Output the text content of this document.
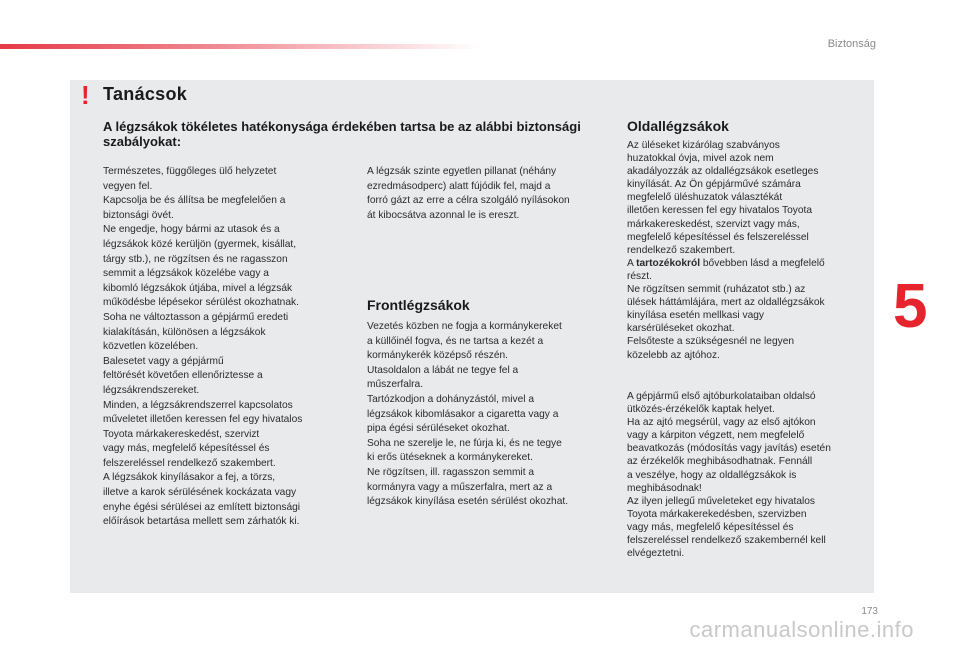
Biztonság
! Tanácsok
A légzsákok tökéletes hatékonysága érdekében tartsa be az alábbi biztonsági szabályokat:
Természetes, függőleges ülő helyzetet
vegyen fel.
Kapcsolja be és állítsa be megfelelően a
biztonsági övét.
Ne engedje, hogy bármi az utasok és a
légzsákok közé kerüljön (gyermek, kisállat,
tárgy stb.), ne rögzítsen és ne ragasszon
semmit a légzsákok közelébe vagy a
kibomló légzsákok útjába, mivel a légzsák
működésbe lépésekor sérülést okozhatnak.
Soha ne változtasson a gépjármű eredeti
kialakításán, különösen a légzsákok
közvetlen közelében.
Balesetet vagy a gépjármű
feltörését követően ellenőriztesse a
légzsákrendszereket.
Minden, a légzsákrendszerrel kapcsolatos
műveletet illetően keressen fel egy hivatalos
Toyota márkakereskedést, szervizt
vagy más, megfelelő képesítéssel és
felszereléssel rendelkező szakembert.
A légzsákok kinyílásakor a fej, a törzs,
illetve a karok sérülésének kockázata vagy
enyhe égési sérülései az említett biztonsági
előírások betartása mellett sem zárhatók ki.
A légzsák szinte egyetlen pillanat (néhány
ezredmásodperc) alatt fújódik fel, majd a
forró gázt az erre a célra szolgáló nyílásokon
át kibocsátva azonnal le is ereszt.
Frontlégzsákok
Vezetés közben ne fogja a kormánykereket
a küllőinél fogva, és ne tartsa a kezét a
kormánykerék középső részén.
Utasoldalon a lábát ne tegye fel a
műszerfalra.
Tartózkodjon a dohányzástól, mivel a
légzsákok kibomlásakor a cigaretta vagy a
pipa égési sérüléseket okozhat.
Soha ne szerelje le, ne fúrja ki, és ne tegye
ki erős ütéseknek a kormánykereket.
Ne rögzítsen, ill. ragasszon semmit a
kormányra vagy a műszerfalra, mert az a
légzsákok kinyílása esetén sérülést okozhat.
Oldallégzsákok
Az üléseket kizárólag szabványos
huzatokkal óvja, mivel azok nem
akadályozzák az oldallégzsákok esetleges
kinyílását. Az Ön gépjárművé számára
megfelelő üléshuzatok választékát
illetően keressen fel egy hivatalos Toyota
márkakereskedést, szervizt vagy más,
megfelelő képesítéssel és felszereléssel
rendelkező szakembert.
A tartozékokról bővebben lásd a megfelelő
részt.
Ne rögzítsen semmit (ruházatot stb.) az
ülések háttámlájára, mert az oldallégzsákok
kinyílása esetén mellkasi vagy
karsérüléseket okozhat.
Felsőteste a szükségesnél ne legyen
közelebb az ajtóhoz.
A gépjármű első ajtóburkolataiban oldalsó
ütközés-érzékelők kaptak helyet.
Ha az ajtó megsérül, vagy az első ajtókon
vagy a kárpiton végzett, nem megfelelő
beavatkozás (módosítás vagy javítás) esetén
az érzékelők meghibásodhatnak. Fennáll
a veszélye, hogy az oldallégzsákok is
meghibásodnak!
Az ilyen jellegű műveleteket egy hivatalos
Toyota márkakerekedésben, szervizben
vagy más, megfelelő képesítéssel és
felszereléssel rendelkező szakembernél kell
elvégeztetni.
5
173
carmanualsonline.info
